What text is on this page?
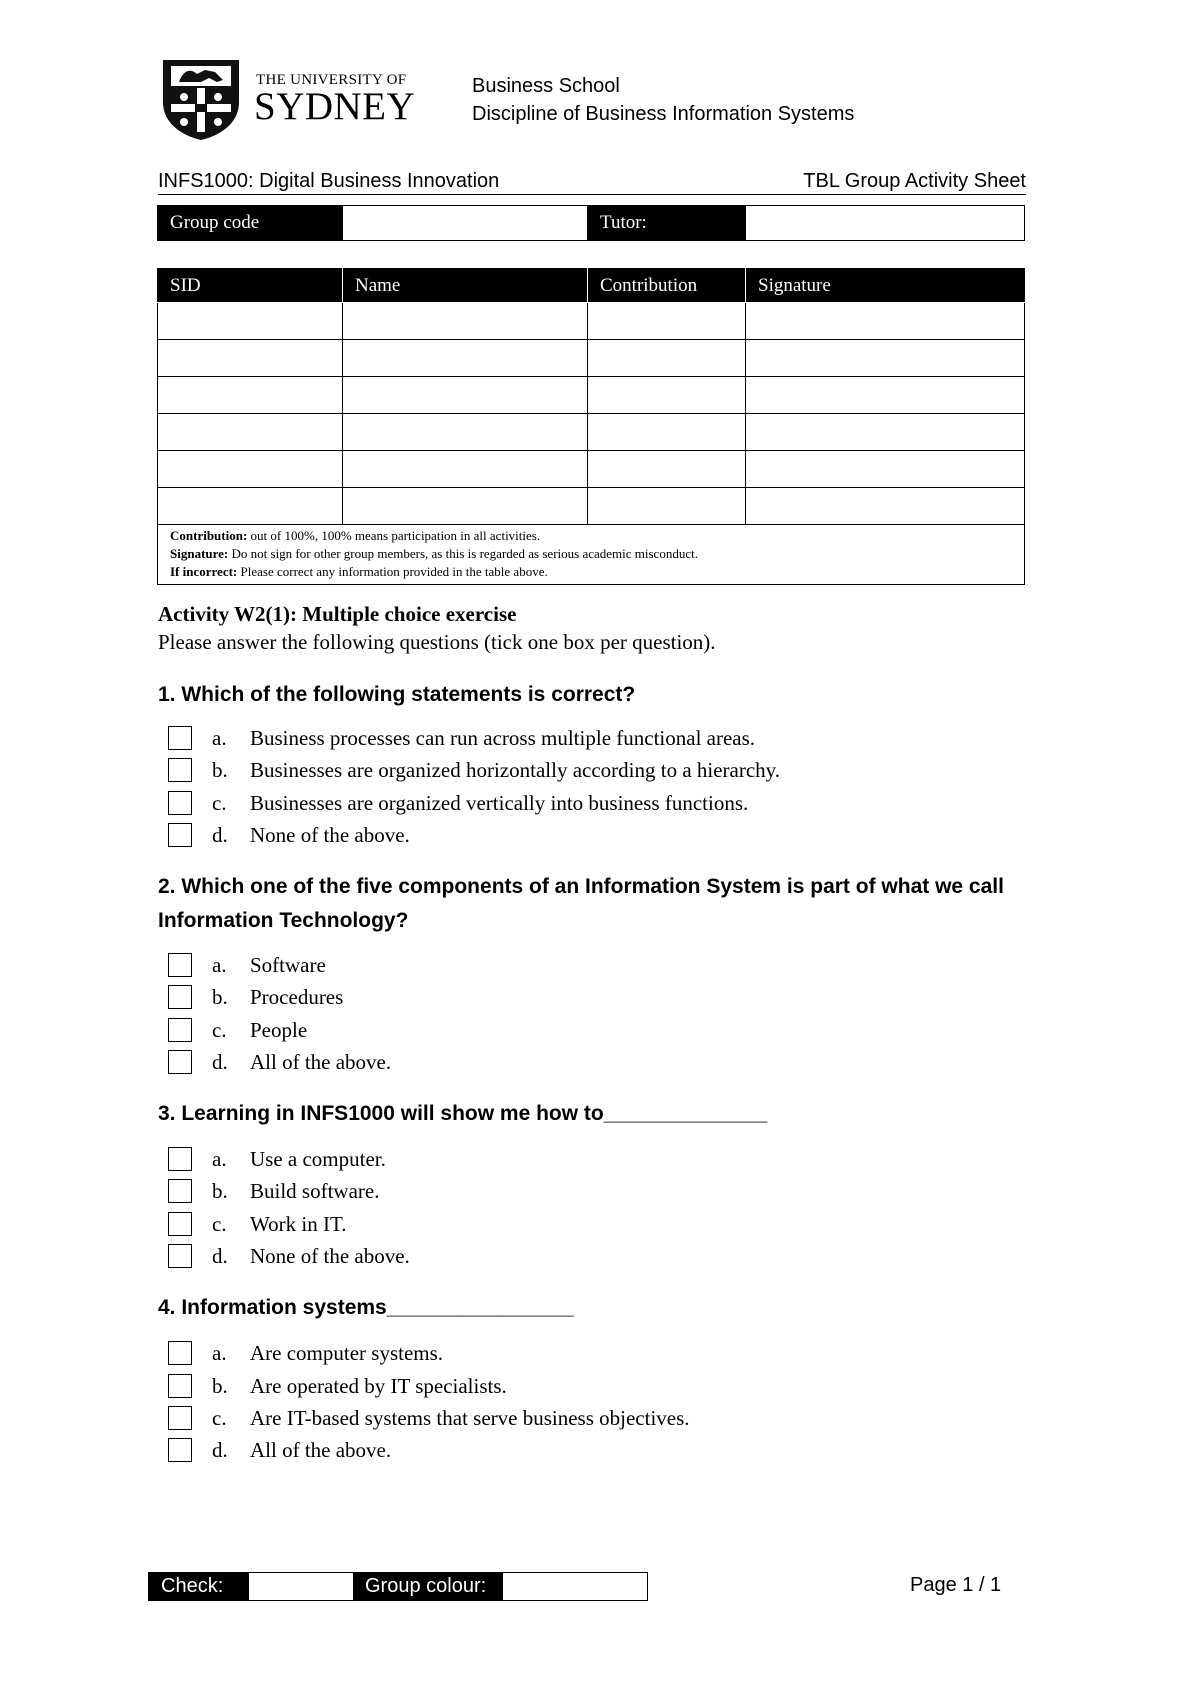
THE UNIVERSITY OF
SYDNEY	Business School
Discipline of Business Information Systems
INFS1000: Digital Business Innovation	TBL Group Activity Sheet
Group code		Tutor:	
SID	Name	Contribution	Signature

Contribution: out of 100%, 100% means participation in all activities.
Signature: Do not sign for other group members, as this is regarded as serious academic misconduct.
If incorrect: Please correct any information provided in the table above.			
Activity W2(1): Multiple choice exercise
Please answer the following questions (tick one box per question).
1. Which of the following statements is correct?
a.	Business processes can run across multiple functional areas.
b.	Businesses are organized horizontally according to a hierarchy.
c.	Businesses are organized vertically into business functions.
d.	None of the above.
2. Which one of the five components of an Information System is part of what we call Information Technology?
a.	Software
b.	Procedures
c.	People
d.	All of the above.
3. Learning in INFS1000 will show me how to______________
a.	Use a computer.
b.	Build software.
c.	Work in IT.
d.	None of the above.
4. Information systems________________
a.	Are computer systems.
b.	Are operated by IT specialists.
c.	Are IT-based systems that serve business objectives.
d.	All of the above.
Check:	Group colour:	Page 1 / 1
